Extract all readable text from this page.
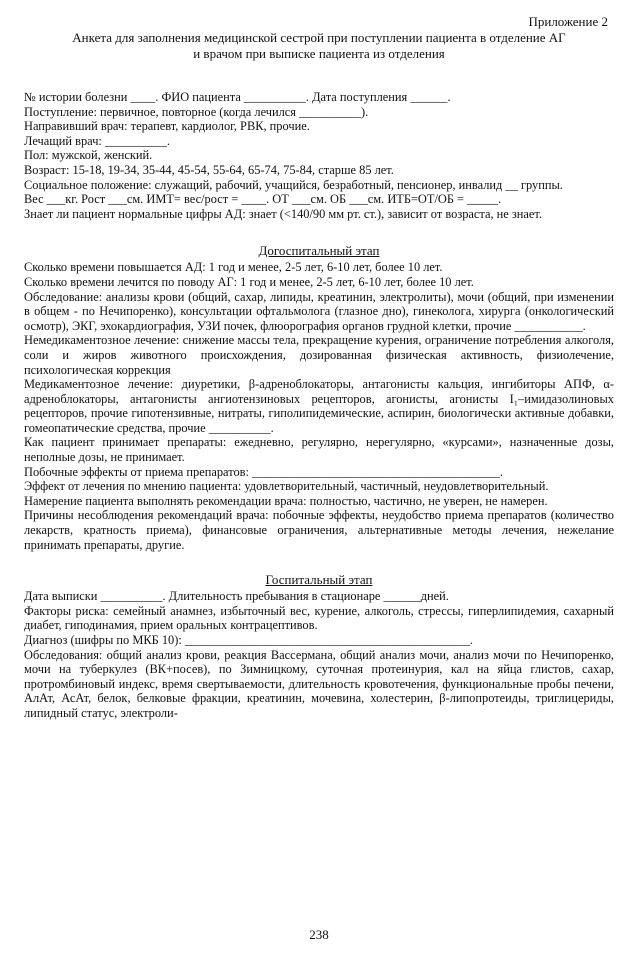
Приложение 2
Анкета для заполнения медицинской сестрой при поступлении пациента в отделение АГ
и врачом при выписке пациента из отделения

№ истории болезни ____. ФИО пациента __________. Дата поступления ______.

Поступление: первичное, повторное (когда лечился __________).

Направивший врач: терапевт, кардиолог, РВК, прочие.

Лечащий врач: __________.

Пол: мужской, женский.

Возраст: 15-18, 19-34, 35-44, 45-54, 55-64, 65-74, 75-84, старше 85 лет.

Социальное положение: служащий, рабочий, учащийся, безработный, пенсионер, инвалид __ группы.

Вес ___кг. Рост ___см. ИМТ= вес/рост = ____. ОТ ___см. ОБ ___см. ИТБ=ОТ/ОБ = _____.

Знает ли пациент нормальные цифры АД: знает (<140/90 мм рт. ст.), зависит от возраста, не знает.

Догоспитальный этап

Сколько времени повышается АД: 1 год и менее, 2-5 лет, 6-10 лет, более 10 лет.

Сколько времени лечится по поводу АГ: 1 год и менее, 2-5 лет, 6-10 лет, более 10 лет.

Обследование: анализы крови (общий, сахар, липиды, креатинин, электролиты), мочи (общий, при изменении в общем - по Нечипоренко), консультации офтальмолога (глазное дно), гинеколога, хирурга (онкологический осмотр), ЭКГ, эхокардиография, УЗИ почек, флюорография органов грудной клетки, прочие ___________.

Немедикаментозное лечение: снижение массы тела, прекращение курения, ограничение потребления алкоголя, соли и жиров животного происхождения, дозированная физическая активность, физиолечение, психологическая коррекция

Медикаментозное лечение: диуретики, β-адреноблокаторы, антагонисты кальция, ингибиторы АПФ, α-адреноблокаторы, антагонисты ангиотензиновых рецепторов, агонисты, агонисты I₁–имидазолиновых рецепторов, прочие гипотензивные, нитраты, гиполипидемические, аспирин, биологически активные добавки, гомеопатические средства, прочие __________.

Как пациент принимает препараты: ежедневно, регулярно, нерегулярно, «курсами», назначенные дозы, неполные дозы, не принимает.

Побочные эффекты от приема препаратов: ________________________________________.

Эффект от лечения по мнению пациента: удовлетворительный, частичный, неудовлетворительный.

Намерение пациента выполнять рекомендации врача: полностью, частично, не уверен, не намерен.

Причины несоблюдения рекомендаций врача: побочные эффекты, неудобство приема препаратов (количество лекарств, кратность приема), финансовые ограничения, альтернативные методы лечения, нежелание принимать препараты, другие.

Госпитальный этап

Дата выписки __________. Длительность пребывания в стационаре ______дней.

Факторы риска: семейный анамнез, избыточный вес, курение, алкоголь, стрессы, гиперлипидемия, сахарный диабет, гиподинамия, прием оральных контрацептивов.

Диагноз (шифры по МКБ 10): ______________________________________________.

Обследования: общий анализ крови, реакция Вассермана, общий анализ мочи, анализ мочи по Нечипоренко, мочи на туберкулез (ВК+посев), по Зимницкому, суточная протеинурия, кал на яйца глистов, сахар, протромбиновый индекс, время свертываемости, длительность кровотечения, функциональные пробы печени, АлАт, АсАт, белок, белковые фракции, креатинин, мочевина, холестерин, β-липопротеиды, триглицериды, липидный статус, электроли-

238
